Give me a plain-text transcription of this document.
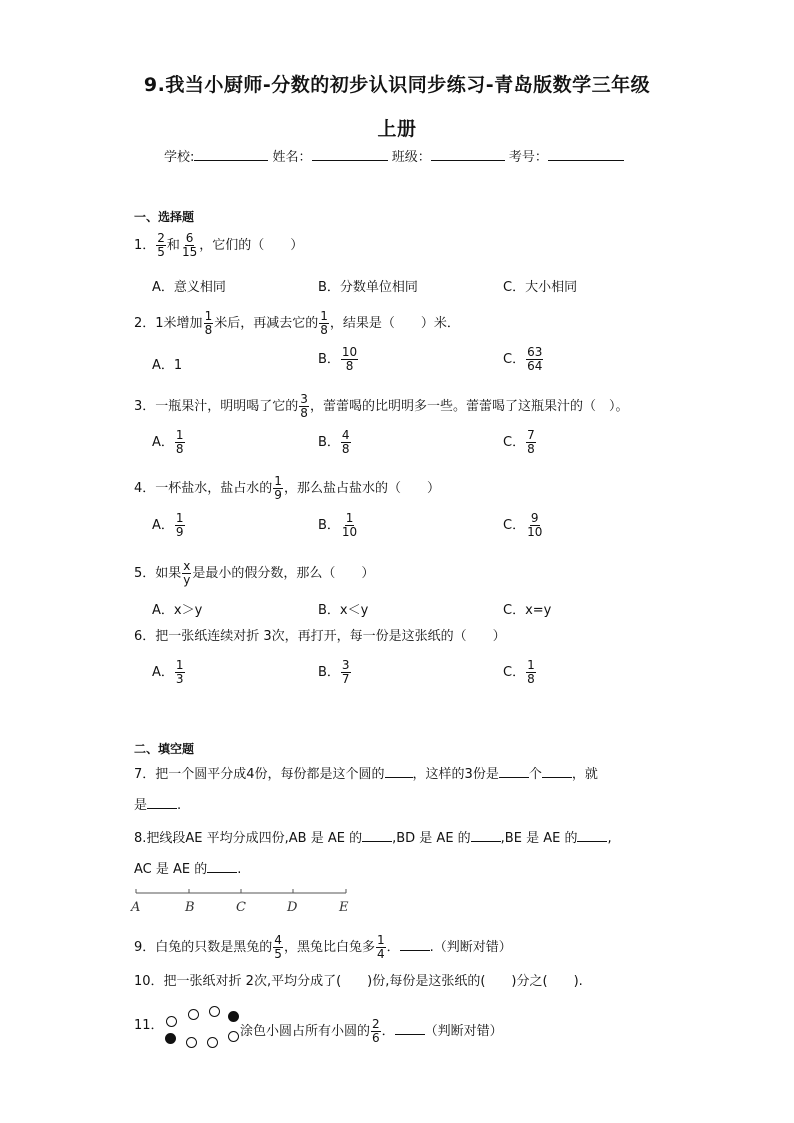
9.我当小厨师-分数的初步认识同步练习-青岛版数学三年级
上册
学校:	姓名：	班级：	考号：
一、选择题
1． $\frac{2}{5}$ 和 $\frac{6}{15}$ ，它们的（　　）
A．意义相同	B．分数单位相同	C．大小相同
2．1米增加 $\frac{1}{8}$ 米后，再减去它的 $\frac{1}{8}$ ，结果是（　　）米．
A．1	B． $\frac{10}{8}$	C． $\frac{63}{64}$
3．一瓶果汁，明明喝了它的 $\frac{3}{8}$ ，蕾蕾喝的比明明多一些。蕾蕾喝了这瓶果汁的（　）。
A． $\frac{1}{8}$	B． $\frac{4}{8}$	C． $\frac{7}{8}$
4．一杯盐水，盐占水的 $\frac{1}{9}$ ，那么盐占盐水的（　　）
A． $\frac{1}{9}$	B． $\frac{1}{10}$	C． $\frac{9}{10}$
5．如果 $\frac{x}{y}$ 是最小的假分数，那么（　　）
A．x＞y	B．x＜y	C．x=y
6．把一张纸连续对折 3次，再打开，每一份是这张纸的（　　）
A． $\frac{1}{3}$	B． $\frac{3}{7}$	C． $\frac{1}{8}$
二、填空题
7．把一个圆平分成4份，每份都是这个圆的 ，这样的3份是 个 ，就
是 .
8.把线段AE 平均分成四份,AB 是 AE 的 ,BD 是 AE 的 ,BE 是 AE 的 ,
AC 是 AE 的 .
A	B	C	D	E
9．白兔的只数是黑兔的 $\frac{4}{5}$ ，黑兔比白兔多 $\frac{1}{4}$ ． .（判断对错）
10．把一张纸对折 2次,平均分成了(　　)份,每份是这张纸的(　　)分之(　　).
11．	涂色小圆占所有小圆的 $\frac{2}{6}$ ． （判断对错）
